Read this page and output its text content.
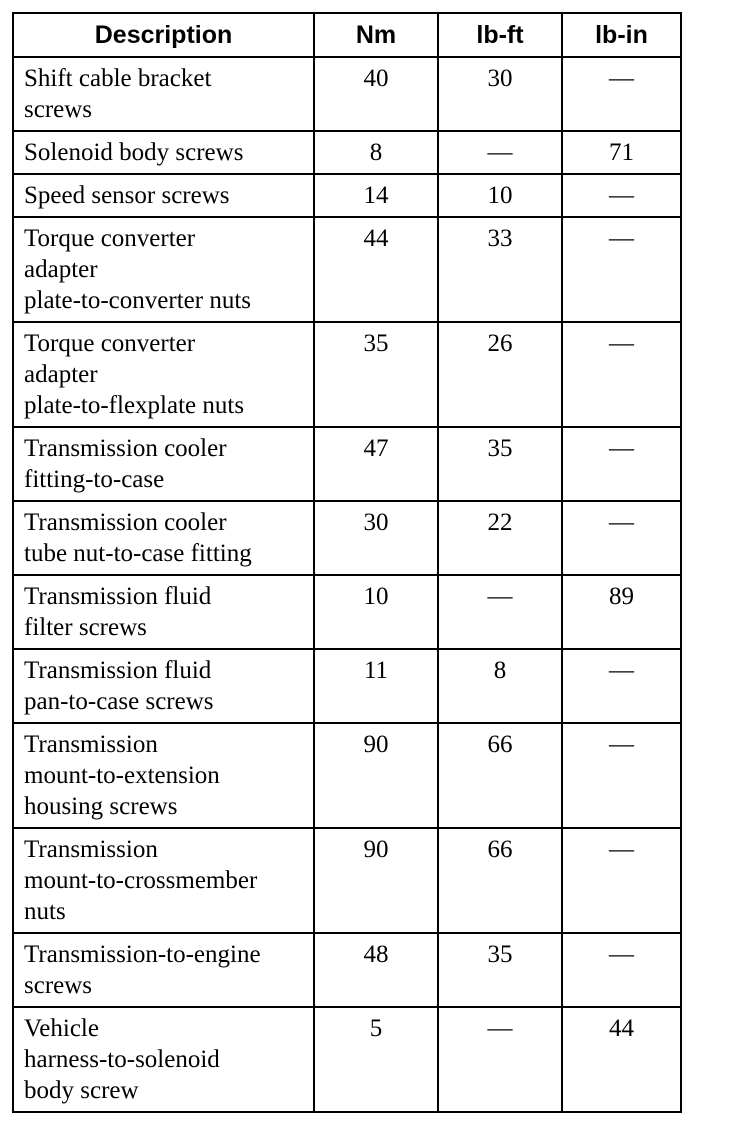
Description	Nm	lb-ft	lb-in

Shift cable bracket
screws	40	30	—

Solenoid body screws	8	—	71

Speed sensor screws	14	10	—

Torque converter
adapter
plate-to-converter nuts	44	33	—

Torque converter
adapter
plate-to-flexplate nuts	35	26	—

Transmission cooler
fitting-to-case	47	35	—

Transmission cooler
tube nut-to-case fitting	30	22	—

Transmission fluid
filter screws	10	—	89

Transmission fluid
pan-to-case screws	11	8	—

Transmission
mount-to-extension
housing screws	90	66	—

Transmission
mount-to-crossmember
nuts	90	66	—

Transmission-to-engine
screws	48	35	—

Vehicle
harness-to-solenoid
body screw	5	—	44
